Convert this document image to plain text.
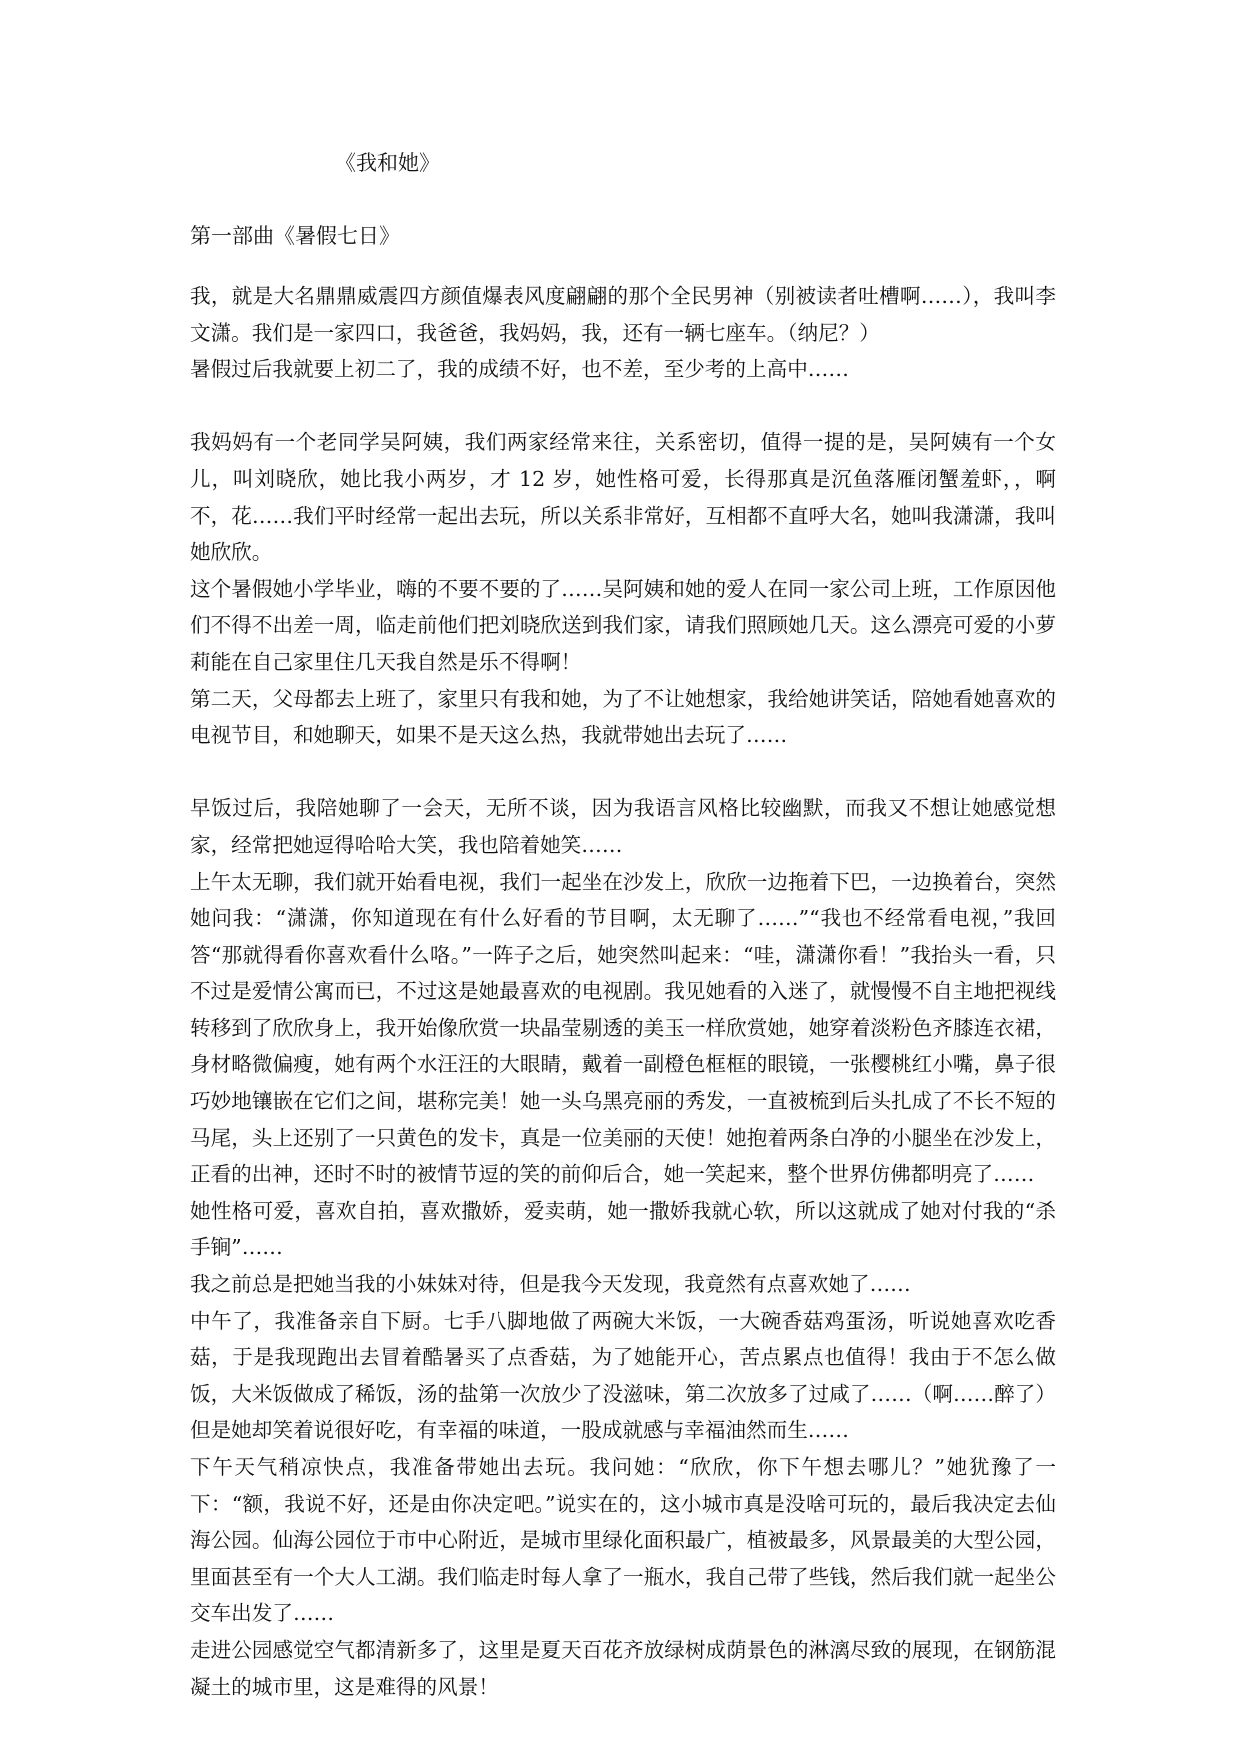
《我和她》
第一部曲《暑假七日》

我，就是大名鼎鼎威震四方颜值爆表风度翩翩的那个全民男神（别被读者吐槽啊……），我叫李文潇。我们是一家四口，我爸爸，我妈妈，我，还有一辆七座车。（纳尼？）

暑假过后我就要上初二了，我的成绩不好，也不差，至少考的上高中……

我妈妈有一个老同学吴阿姨，我们两家经常来往，关系密切，值得一提的是，吴阿姨有一个女儿，叫刘晓欣，她比我小两岁，才 12 岁，她性格可爱，长得那真是沉鱼落雁闭蟹羞虾，，啊不，花……我们平时经常一起出去玩，所以关系非常好，互相都不直呼大名，她叫我潇潇，我叫她欣欣。

这个暑假她小学毕业，嗨的不要不要的了……吴阿姨和她的爱人在同一家公司上班，工作原因他们不得不出差一周，临走前他们把刘晓欣送到我们家，请我们照顾她几天。这么漂亮可爱的小萝莉能在自己家里住几天我自然是乐不得啊！

第二天，父母都去上班了，家里只有我和她，为了不让她想家，我给她讲笑话，陪她看她喜欢的电视节目，和她聊天，如果不是天这么热，我就带她出去玩了……

早饭过后，我陪她聊了一会天，无所不谈，因为我语言风格比较幽默，而我又不想让她感觉想家，经常把她逗得哈哈大笑，我也陪着她笑……

上午太无聊，我们就开始看电视，我们一起坐在沙发上，欣欣一边拖着下巴，一边换着台，突然她问我：“潇潇，你知道现在有什么好看的节目啊，太无聊了……”“我也不经常看电视，”我回答“那就得看你喜欢看什么咯。”一阵子之后，她突然叫起来：“哇，潇潇你看！”我抬头一看，只不过是爱情公寓而已，不过这是她最喜欢的电视剧。我见她看的入迷了，就慢慢不自主地把视线转移到了欣欣身上，我开始像欣赏一块晶莹剔透的美玉一样欣赏她，她穿着淡粉色齐膝连衣裙，身材略微偏瘦，她有两个水汪汪的大眼睛，戴着一副橙色框框的眼镜，一张樱桃红小嘴，鼻子很巧妙地镶嵌在它们之间，堪称完美！她一头乌黑亮丽的秀发，一直被梳到后头扎成了不长不短的马尾，头上还别了一只黄色的发卡，真是一位美丽的天使！她抱着两条白净的小腿坐在沙发上，正看的出神，还时不时的被情节逗的笑的前仰后合，她一笑起来，整个世界仿佛都明亮了……

她性格可爱，喜欢自拍，喜欢撒娇，爱卖萌，她一撒娇我就心软，所以这就成了她对付我的“杀手锏”……

我之前总是把她当我的小妹妹对待，但是我今天发现，我竟然有点喜欢她了……

中午了，我准备亲自下厨。七手八脚地做了两碗大米饭，一大碗香菇鸡蛋汤，听说她喜欢吃香菇，于是我现跑出去冒着酷暑买了点香菇，为了她能开心，苦点累点也值得！我由于不怎么做饭，大米饭做成了稀饭，汤的盐第一次放少了没滋味，第二次放多了过咸了……（啊……醉了）但是她却笑着说很好吃，有幸福的味道，一股成就感与幸福油然而生……

下午天气稍凉快点，我准备带她出去玩。我问她：“欣欣，你下午想去哪儿？”她犹豫了一下：“额，我说不好，还是由你决定吧。”说实在的，这小城市真是没啥可玩的，最后我决定去仙海公园。仙海公园位于市中心附近，是城市里绿化面积最广，植被最多，风景最美的大型公园，里面甚至有一个大人工湖。我们临走时每人拿了一瓶水，我自己带了些钱，然后我们就一起坐公交车出发了……

走进公园感觉空气都清新多了，这里是夏天百花齐放绿树成荫景色的淋漓尽致的展现，在钢筋混凝土的城市里，这是难得的风景！
